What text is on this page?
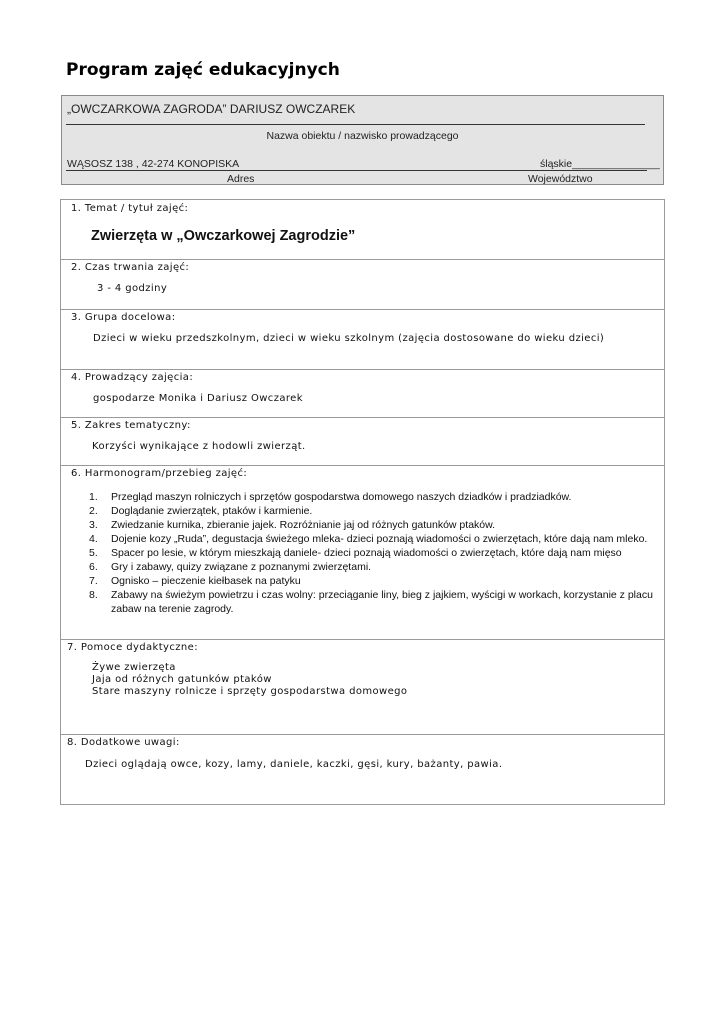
Program zajęć edukacyjnych
„OWCZARKOWA ZAGRODA” DARIUSZ OWCZAREK
Nazwa obiektu / nazwisko prowadzącego
WĄSOSZ 138 , 42-274 KONOPISKA	śląskie_______________
Adres	Województwo
1. Temat / tytuł zajęć:
Zwierzęta w „Owczarkowej Zagrodzie”
2. Czas trwania zajęć:
3 - 4 godziny
3. Grupa docelowa:
Dzieci w wieku przedszkolnym, dzieci w wieku szkolnym (zajęcia dostosowane do wieku dzieci)
4. Prowadzący zajęcia:
gospodarze Monika i Dariusz Owczarek
5. Zakres tematyczny:
Korzyści wynikające z hodowli zwierząt.
6. Harmonogram/przebieg zajęć:
1. Przegląd maszyn rolniczych i sprzętów gospodarstwa domowego naszych dziadków i pradziadków.
2. Doglądanie zwierzątek, ptaków i karmienie.
3. Zwiedzanie kurnika, zbieranie jajek. Rozróżnianie jaj od różnych gatunków ptaków.
4. Dojenie kozy „Ruda”, degustacja świeżego mleka- dzieci poznają wiadomości o zwierzętach, które dają nam mleko.
5. Spacer po lesie, w którym mieszkają daniele- dzieci poznają wiadomości o zwierzętach, które dają nam mięso
6. Gry i zabawy, quizy związane z poznanymi zwierzętami.
7. Ognisko – pieczenie kiełbasek na patyku
8. Zabawy na świeżym powietrzu i czas wolny: przeciąganie liny, bieg z jajkiem, wyścigi w workach, korzystanie z placu zabaw na terenie zagrody.
7. Pomoce dydaktyczne:
Żywe zwierzęta
Jaja od różnych gatunków ptaków
Stare maszyny rolnicze i sprzęty gospodarstwa domowego
8. Dodatkowe uwagi:
Dzieci oglądają owce, kozy, lamy, daniele, kaczki, gęsi, kury, bażanty, pawia.
